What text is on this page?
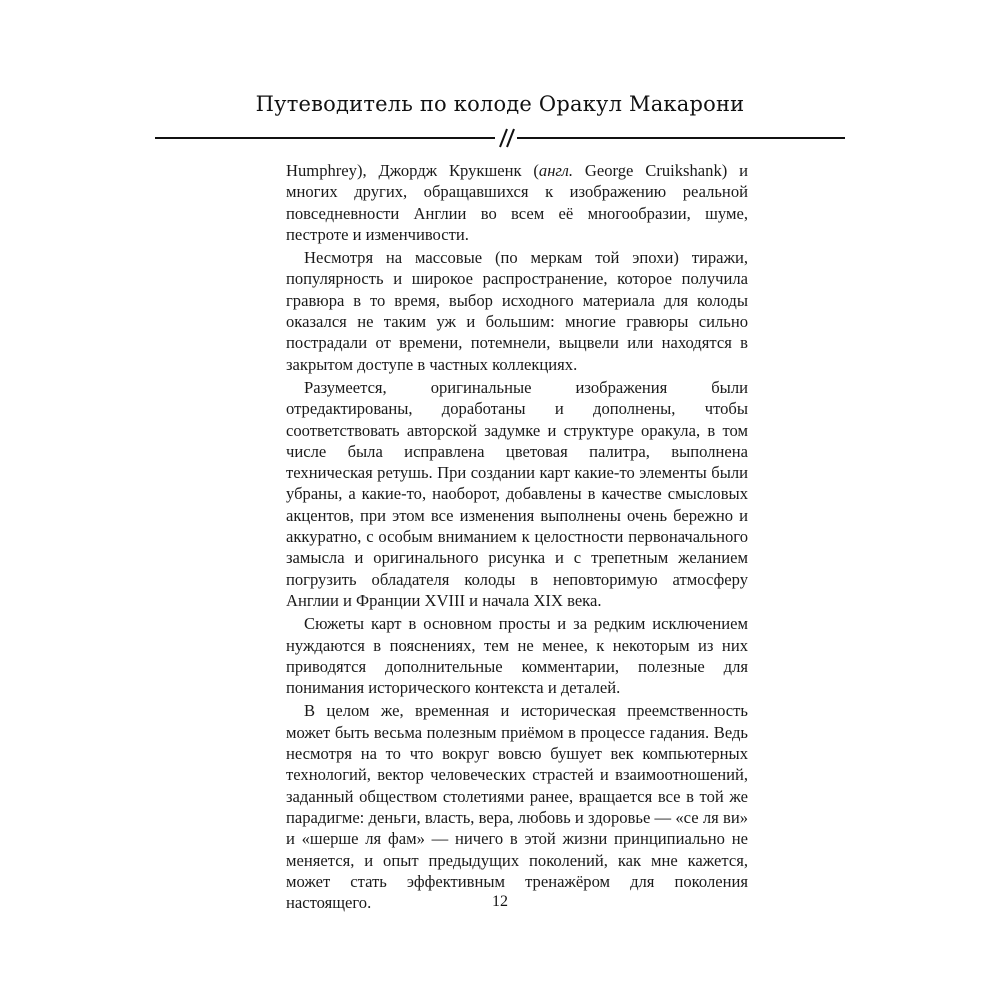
Путеводитель по колоде Оракул Макарони

Humphrey), Джордж Крукшенк (англ. George Cruikshank) и многих других, обращавшихся к изображению реальной повседневности Англии во всем её многообразии, шуме, пестроте и изменчивости.

Несмотря на массовые (по меркам той эпохи) тиражи, популярность и широкое распространение, которое получила гравюра в то время, выбор исходного материала для колоды оказался не таким уж и большим: многие гравюры сильно пострадали от времени, потемнели, выцвели или находятся в закрытом доступе в частных коллекциях.

Разумеется, оригинальные изображения были отредактированы, доработаны и дополнены, чтобы соответствовать авторской задумке и структуре оракула, в том числе была исправлена цветовая палитра, выполнена техническая ретушь. При создании карт какие-то элементы были убраны, а какие-то, наоборот, добавлены в качестве смысловых акцентов, при этом все изменения выполнены очень бережно и аккуратно, с особым вниманием к целостности первоначального замысла и оригинального рисунка и с трепетным желанием погрузить обладателя колоды в неповторимую атмосферу Англии и Франции XVIII и начала XIX века.

Сюжеты карт в основном просты и за редким исключением нуждаются в пояснениях, тем не менее, к некоторым из них приводятся дополнительные комментарии, полезные для понимания исторического контекста и деталей.

В целом же, временная и историческая преемственность может быть весьма полезным приёмом в процессе гадания. Ведь несмотря на то что вокруг вовсю бушует век компьютерных технологий, вектор человеческих страстей и взаимоотношений, заданный обществом столетиями ранее, вращается все в той же парадигме: деньги, власть, вера, любовь и здоровье — «се ля ви» и «шерше ля фам» — ничего в этой жизни принципиально не меняется, и опыт предыдущих поколений, как мне кажется, может стать эффективным тренажёром для поколения настоящего.	12
